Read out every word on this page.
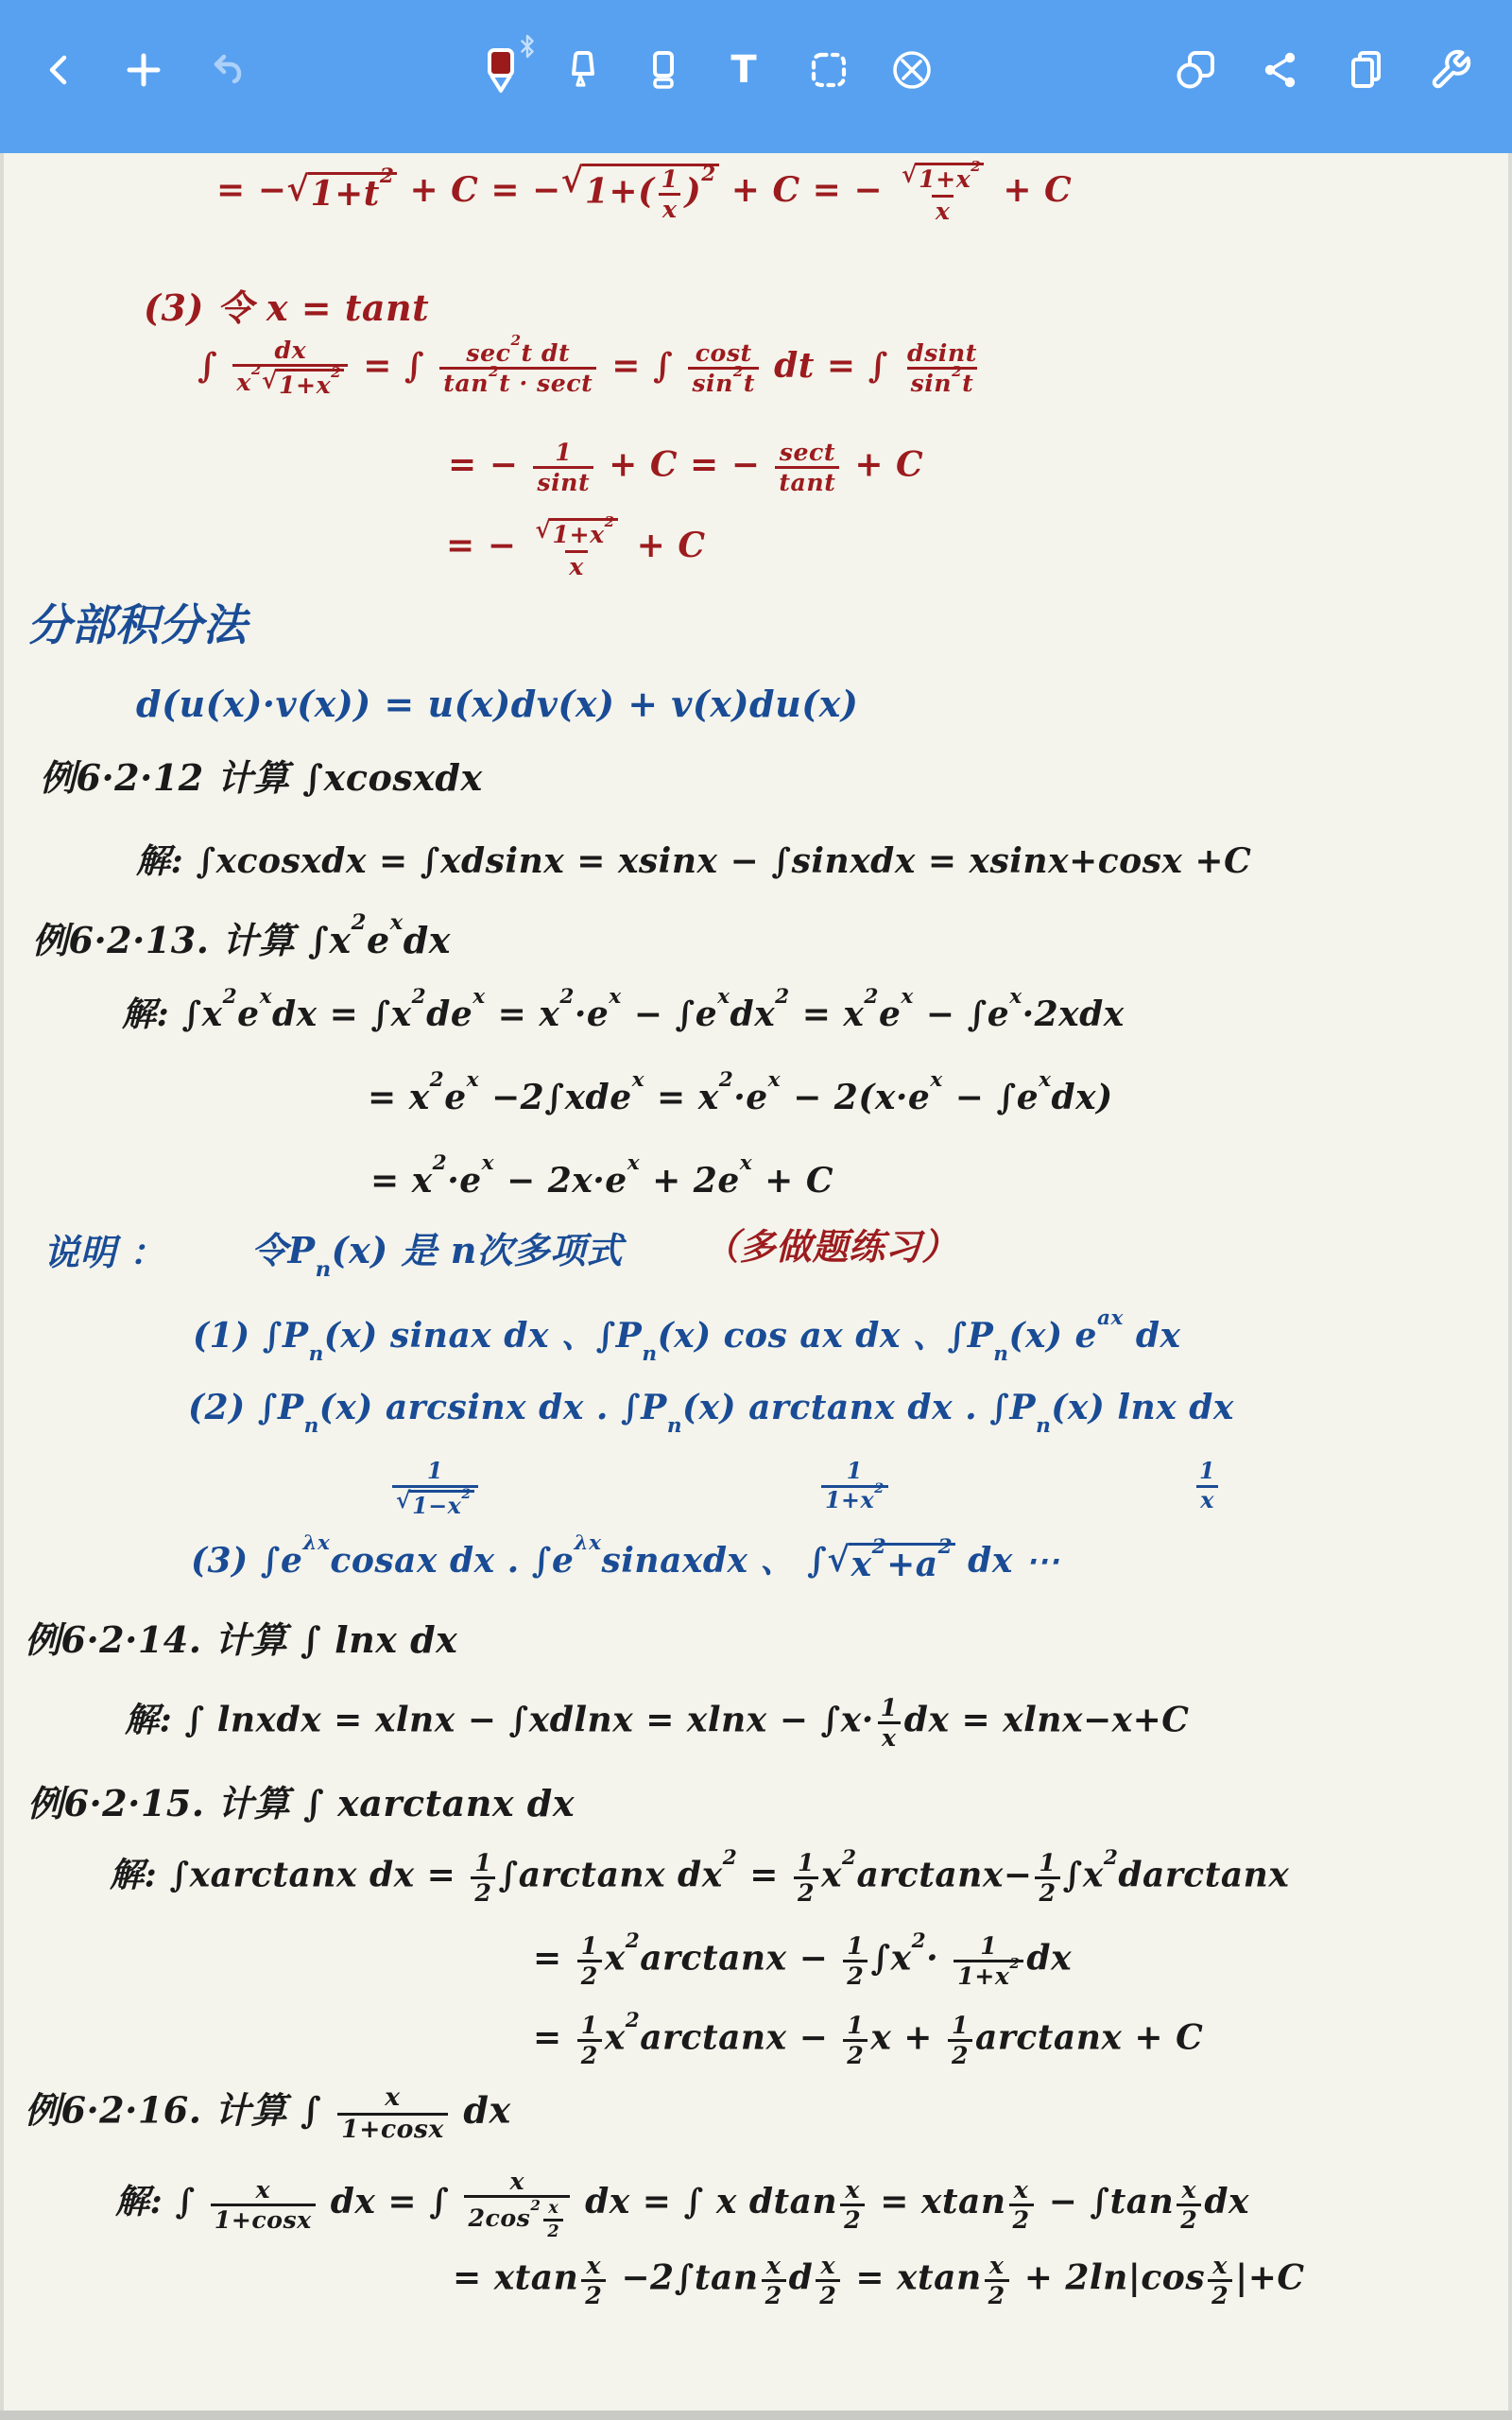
T
= − √ $1+t^2 + C$ = − √ $1+( \frac{1}{x} )^2 + C$ = − $\frac{√ 1+x^2}{x} + C$
(3) 令 x = tant
∫ $\frac{dx}{x^2 √ 1+x^2}$ = ∫ $\frac{\sec^2t dt}{\tan^2t \cdot \sec t}$ = ∫ $\frac{\cos t}{\sin^2t}$ dt = ∫ $\frac{dsint}{\sin^2t}$
= − $\frac{1}{\sin t} + C$ = − $\frac{\sec t}{\tan t} + C$
= − $\frac{√ 1+x^2}{x} + C$
分部积分法
d(u(x)·v(x)) = u(x)dv(x) + v(x)du(x)
例6·2·12 计算 ∫xcosxdx
解: ∫xcosxdx = ∫xdsinx = xsinx − ∫sinxdx = xsinx+cosx +C
例6·2·13. 计算 $\int x^2e^xdx$
解: $\int x^2e^xdx = \int x^2de^x = x^2\cdot e^x - \int e^xdx^2 = x^2e^x - \int e^x\cdot 2xdx$
= $x^2e^x -2\int xde^x = x^2\cdot e^x - 2(x\cdot e^x - \int e^xdx)$
= $x^2\cdot e^x - 2x\cdot e^x + 2e^x + C$
说明 ： 令$P_n(x)$ 是 n次多项式 （多做题练习）
(1) $\int P_n(x)$ sinax dx 、$\int P_n(x)$ cos ax dx 、$\int P_n(x)$ $e^{ax}$ dx
(2) $\int P_n(x)$ arcsinx dx . $\int P_n(x)$ arctanx dx . $\int P_n(x)$ lnx dx
$\frac{1}{√ 1-x^2}$	$\frac{1}{1+x^2}$	$\frac{1}{x}$
(3) $\int e^{\lambda x}cosax$ dx . $\int e^{\lambda x}sinaxdx$ 、 ∫ √ $x^2+a^2$ dx ⋯
例6·2·14. 计算 ∫ lnx dx
解: ∫ lnxdx = $xlnx - \int xdlnx = xlnx - \int x\cdot \frac{1}{x}$ dx = xlnx−x+C
例6·2·15. 计算 ∫ xarctanx dx
解: ∫xarctanx dx = $\frac{1}{2} \int\arctan x$ $dx^2 = \frac{1}{2} x^2\arctan x- \frac{1}{2} \int x^2darctanx$
= $\frac{1}{2} x^2\arctan x - \frac{1}{2} \int x^2\cdot \frac{1}{1+x^2}$ dx
= $\frac{1}{2} x^2\arctan x - \frac{1}{2}$ $x + \frac{1}{2}$ arctanx + C
例6·2·16. 计算 ∫ $\frac{x}{1+\cos x}$ dx
解: ∫ $\frac{x}{1+\cos x}$ dx = ∫ $\frac{x}{2\cos^2 \frac{x}{2}}$ dx = ∫ x dtan $\frac{x}{2} = xtan \frac{x}{2} - \int\tan \frac{x}{2}$ dx
= xtan $\frac{x}{2} -2\int\tan \frac{x}{2}$ d $\frac{x}{2} = xtan \frac{x}{2} + 2\ln|\cos \frac{x}{2} |+C$
